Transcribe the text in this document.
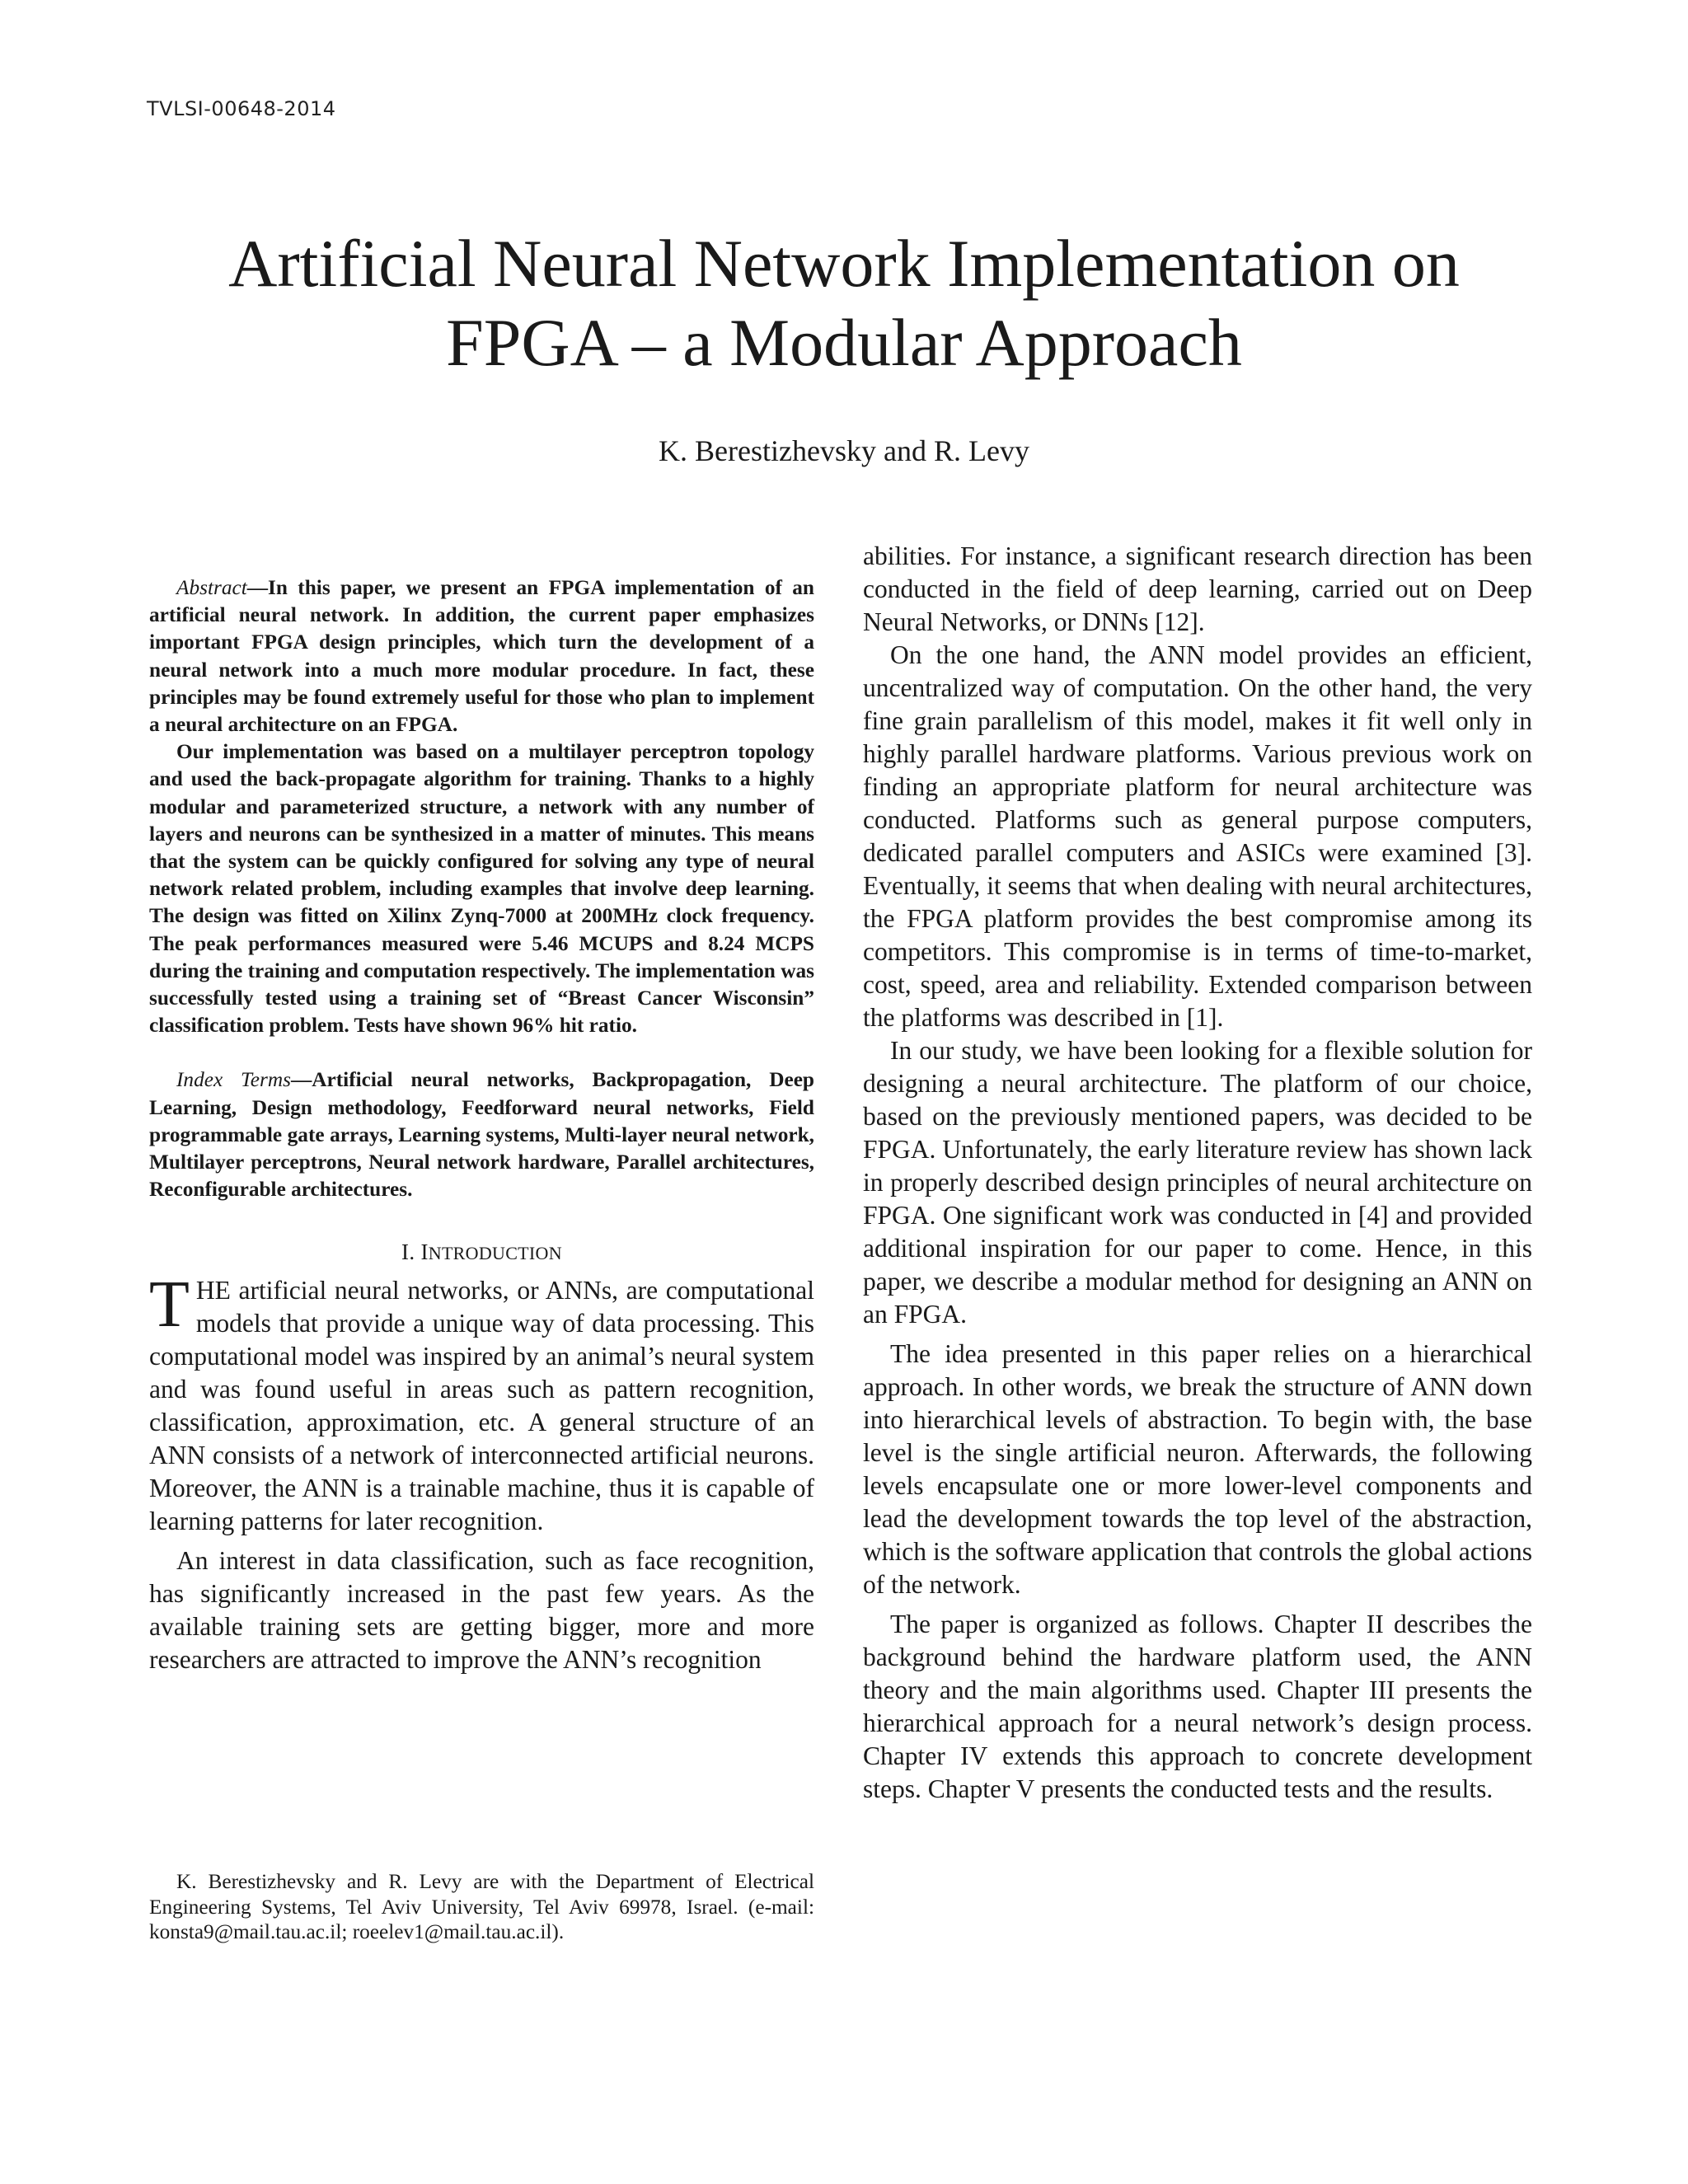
TVLSI-00648-2014
Artificial Neural Network Implementation on
FPGA – a Modular Approach
K. Berestizhevsky and R. Levy

Abstract—In this paper, we present an FPGA implementation of an artificial neural network. In addition, the current paper emphasizes important FPGA design principles, which turn the development of a neural network into a much more modular procedure. In fact, these principles may be found extremely useful for those who plan to implement a neural architecture on an FPGA.

Our implementation was based on a multilayer perceptron topology and used the back-propagate algorithm for training. Thanks to a highly modular and parameterized structure, a network with any number of layers and neurons can be synthesized in a matter of minutes. This means that the system can be quickly configured for solving any type of neural network related problem, including examples that involve deep learning. The design was fitted on Xilinx Zynq-7000 at 200MHz clock frequency. The peak performances measured were 5.46 MCUPS and 8.24 MCPS during the training and computation respectively. The implementation was successfully tested using a training set of “Breast Cancer Wisconsin” classification problem. Tests have shown 96% hit ratio.

Index Terms—Artificial neural networks, Backpropagation, Deep Learning, Design methodology, Feedforward neural networks, Field programmable gate arrays, Learning systems, Multi-layer neural network, Multilayer perceptrons, Neural network hardware, Parallel architectures, Reconfigurable architectures.
I. INTRODUCTION

THE artificial neural networks, or ANNs, are computational models that provide a unique way of data processing. This computational model was inspired by an animal’s neural system and was found useful in areas such as pattern recognition, classification, approximation, etc. A general structure of an ANN consists of a network of interconnected artificial neurons. Moreover, the ANN is a trainable machine, thus it is capable of learning patterns for later recognition.

An interest in data classification, such as face recognition, has significantly increased in the past few years. As the available training sets are getting bigger, more and more researchers are attracted to improve the ANN’s recognition

abilities. For instance, a significant research direction has been conducted in the field of deep learning, carried out on Deep Neural Networks, or DNNs [12].

On the one hand, the ANN model provides an efficient, uncentralized way of computation. On the other hand, the very fine grain parallelism of this model, makes it fit well only in highly parallel hardware platforms. Various previous work on finding an appropriate platform for neural architecture was conducted. Platforms such as general purpose computers, dedicated parallel computers and ASICs were examined [3]. Eventually, it seems that when dealing with neural architectures, the FPGA platform provides the best compromise among its competitors. This compromise is in terms of time-to-market, cost, speed, area and reliability. Extended comparison between the platforms was described in [1].

In our study, we have been looking for a flexible solution for designing a neural architecture. The platform of our choice, based on the previously mentioned papers, was decided to be FPGA. Unfortunately, the early literature review has shown lack in properly described design principles of neural architecture on FPGA. One significant work was conducted in [4] and provided additional inspiration for our paper to come. Hence, in this paper, we describe a modular method for designing an ANN on an FPGA.

The idea presented in this paper relies on a hierarchical approach. In other words, we break the structure of ANN down into hierarchical levels of abstraction. To begin with, the base level is the single artificial neuron. Afterwards, the following levels encapsulate one or more lower-level components and lead the development towards the top level of the abstraction, which is the software application that controls the global actions of the network.

The paper is organized as follows. Chapter II describes the background behind the hardware platform used, the ANN theory and the main algorithms used. Chapter III presents the hierarchical approach for a neural network’s design process. Chapter IV extends this approach to concrete development steps. Chapter V presents the conducted tests and the results.

K. Berestizhevsky and R. Levy are with the Department of Electrical Engineering Systems, Tel Aviv University, Tel Aviv 69978, Israel. (e-mail: konsta9@mail.tau.ac.il; roeelev1@mail.tau.ac.il).
